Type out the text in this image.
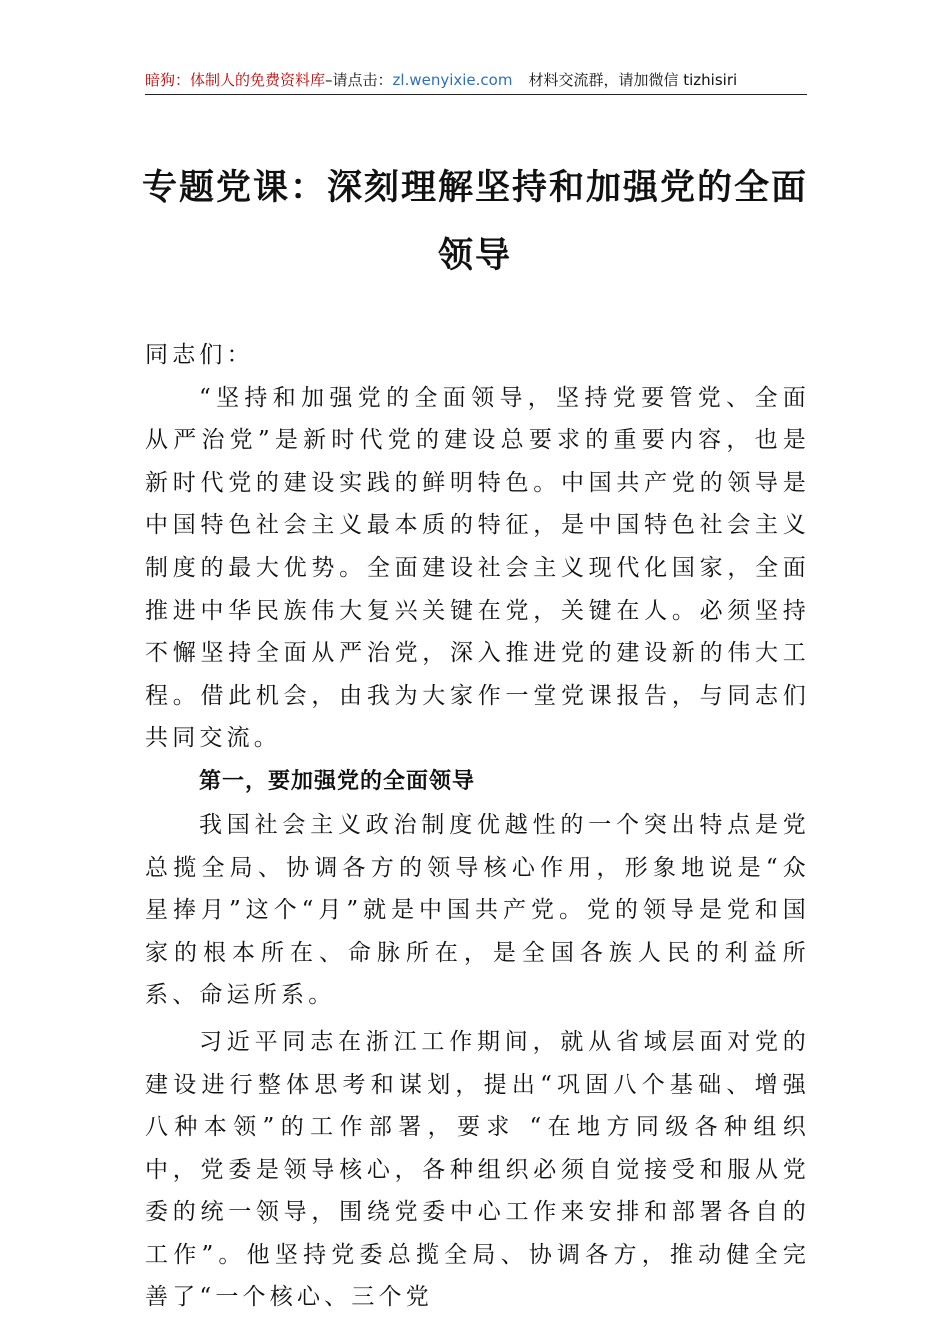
暗狗：体制人的免费资料库–请点击：zl.wenyixie.com 材料交流群，请加微信 tizhisiri
专题党课：深刻理解坚持和加强党的全面
领导

同志们：

“坚持和加强党的全面领导，坚持党要管党、全面从严治党”是新时代党的建设总要求的重要内容，也是新时代党的建设实践的鲜明特色。中国共产党的领导是中国特色社会主义最本质的特征，是中国特色社会主义制度的最大优势。全面建设社会主义现代化国家，全面推进中华民族伟大复兴关键在党，关键在人。必须坚持不懈坚持全面从严治党，深入推进党的建设新的伟大工程。借此机会，由我为大家作一堂党课报告，与同志们共同交流。

第一，要加强党的全面领导

我国社会主义政治制度优越性的一个突出特点是党总揽全局、协调各方的领导核心作用，形象地说是“众星捧月”这个“月”就是中国共产党。党的领导是党和国家的根本所在、命脉所在，是全国各族人民的利益所系、命运所系。

习近平同志在浙江工作期间，就从省域层面对党的建设进行整体思考和谋划，提出“巩固八个基础、增强八种本领”的工作部署，要求 “在地方同级各种组织中，党委是领导核心，各种组织必须自觉接受和服从党委的统一领导，围绕党委中心工作来安排和部署各自的工作”。他坚持党委总揽全局、协调各方，推动健全完善了“一个核心、三个党
